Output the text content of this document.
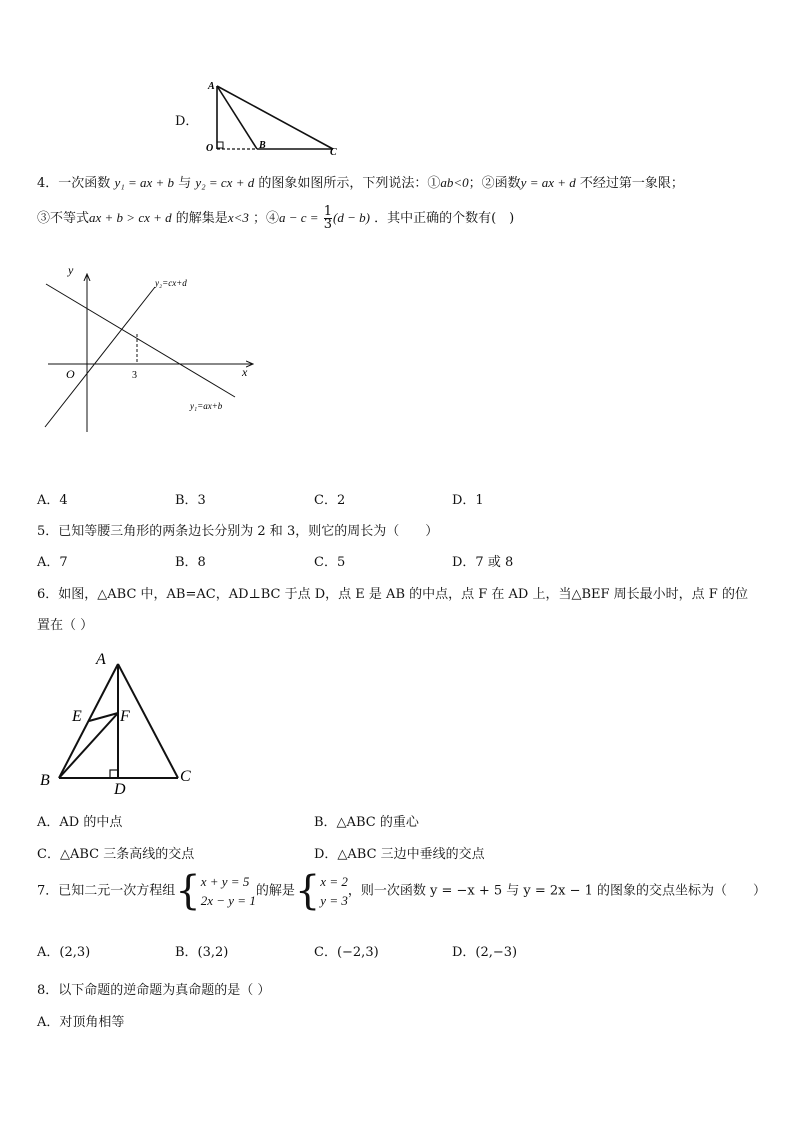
D．
A
O	B
C
4．一次函数 y₁ = ax + b 与 y₂ = cx + d 的图象如图所示，下列说法：①ab<0；②函数y = ax + d 不经过第一象限；
③不等式ax + b > cx + d 的解集是x<3 ；④a − $c = \frac{1}{3} (d - b)$ ．其中正确的个数有(　)
y
x
O	3
y₂=cx+d
y₁=ax+b
A．4	B．3	C．2	D．1
5．已知等腰三角形的两条边长分别为 2 和 3，则它的周长为（　　）
A．7	B．8	C．5	D．7 或 8
6．如图，△ABC 中，AB=AC，AD⊥BC 于点 D，点 E 是 AB 的中点，点 F 在 AD 上，当△BEF 周长最小时，点 F 的位
置在（ ）
A
E F
B	C
D
A．AD 的中点	B．△ABC 的重心
C．△ABC 三条高线的交点	D．△ABC 三边中垂线的交点
7．已知二元一次方程组{ x + y = 5
2x − y = 1
的解是{ x = 2
y = 3
，则一次函数 y = −x + 5 与 y = 2x − 1 的图象的交点坐标为（　　）
A．(2,3)	B．(3,2)	C．(−2,3)	D．(2,−3)
8．以下命题的逆命题为真命题的是（ ）
A．对顶角相等
